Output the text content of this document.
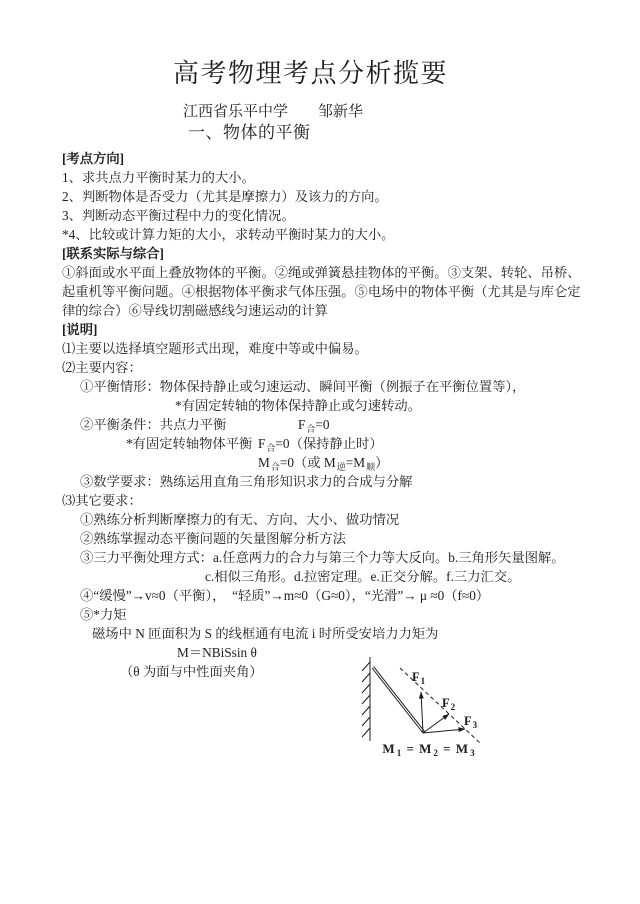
高考物理考点分析揽要
江西省乐平中学　　邹新华
一、物体的平衡
[考点方向]
1、求共点力平衡时某力的大小。
2、判断物体是否受力（尤其是摩擦力）及该力的方向。
3、判断动态平衡过程中力的变化情况。
*4、比较或计算力矩的大小，求转动平衡时某力的大小。
[联系实际与综合]
①斜面或水平面上叠放物体的平衡。②绳或弹簧悬挂物体的平衡。③支架、转轮、吊桥、
起重机等平衡问题。④根据物体平衡求气体压强。⑤电场中的物体平衡（尤其是与库仑定
律的综合）⑥导线切割磁感线匀速运动的计算
[说明]
⑴主要以选择填空题形式出现，难度中等或中偏易。
⑵主要内容：
①平衡情形：物体保持静止或匀速运动、瞬间平衡（例振子在平衡位置等），
*有固定转轴的物体保持静止或匀速转动。
②平衡条件：共点力平衡	$F_合=0$
*有固定转轴物体平衡 $F_合=0$（保持静止时）
$M_合=0$（或 $M_逆=M_顺$）
③数学要求：熟练运用直角三角形知识求力的合成与分解
⑶其它要求：
①熟练分析判断摩擦力的有无、方向、大小、做功情况
②熟练掌握动态平衡问题的矢量图解分析方法
③三力平衡处理方式：a.任意两力的合力与第三个力等大反向。b.三角形矢量图解。
c.相似三角形。d.拉密定理。e.正交分解。f.三力汇交。
④“缓慢”→v≈0（平衡），　“轻质”→m≈0（G≈0），“光滑”→ μ ≈0（f≈0）
⑤*力矩
磁场中 N 匝面积为 S 的线框通有电流 i 时所受安培力力矩为
M＝NBiSsin θ
（θ 为面与中性面夹角）	$F_1$
$F_2$
$F_3$
$M_1 = M_2 = M_3$
